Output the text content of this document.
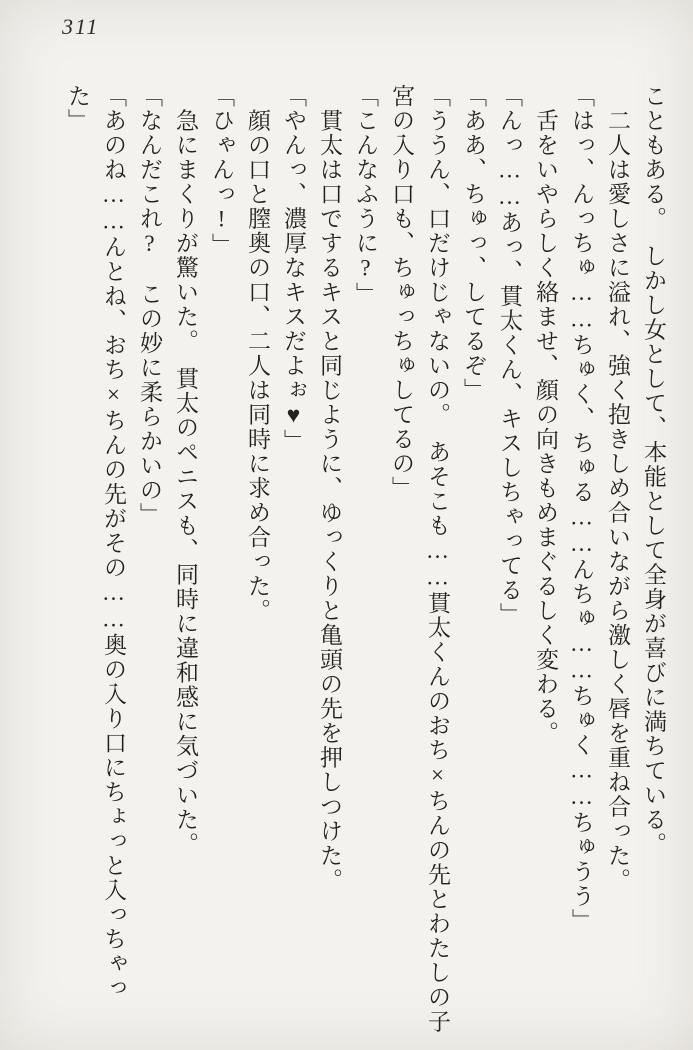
311

こともある。　しかし女として、本能として全身が喜びに満ちている。

　二人は愛しさに溢れ、強く抱きしめ合いながら激しく唇を重ね合った。

「はっ、んっちゅ……ちゅく、ちゅる……んちゅ……ちゅく……ちゅうう」

　舌をいやらしく絡ませ、顔の向きもめまぐるしく変わる。

「んっ……あっ、貫太くん、キスしちゃってる」

「ああ、ちゅっ、してるぞ」

「ううん、口だけじゃないの。　あそこも……貫太くんのおち×ちんの先とわたしの子

宮の入り口も、ちゅっちゅしてるの」

「こんなふうに?」

　貫太は口でするキスと同じように、ゆっくりと亀頭の先を押しつけた。

「やんっ、濃厚なキスだよぉ♥」

　顔の口と膣奥の口、二人は同時に求め合った。

「ひゃんっ!」

　急にまくりが驚いた。　貫太のペニスも、同時に違和感に気づいた。

「なんだこれ?　この妙に柔らかいの」

「あのね……んとね、おち×ちんの先がその……奥の入り口にちょっと入っちゃっ

た」
